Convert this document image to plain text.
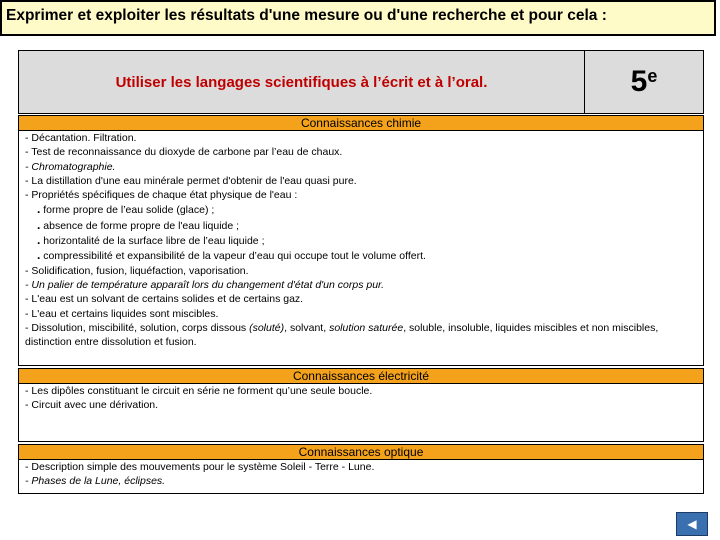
Exprimer et exploiter les résultats d'une mesure ou d'une recherche et pour cela :
Utiliser les langages scientifiques à l’écrit et à l’oral.	5e
Connaissances chimie
- Décantation. Filtration.
- Test de reconnaissance du dioxyde de carbone par l’eau de chaux.
- Chromatographie.
- La distillation d'une eau minérale permet d'obtenir de l'eau quasi pure.
- Propriétés spécifiques de chaque état physique de l'eau :
. forme propre de l’eau solide (glace) ;
. absence de forme propre de l'eau liquide ;
. horizontalité de la surface libre de l’eau liquide ;
. compressibilité et expansibilité de la vapeur d’eau qui occupe tout le volume offert.
- Solidification, fusion, liquéfaction, vaporisation.
- Un palier de température apparaît lors du changement d'état d'un corps pur.
- L'eau est un solvant de certains solides et de certains gaz.
- L'eau et certains liquides sont miscibles.
- Dissolution, miscibilité, solution, corps dissous (soluté), solvant, solution saturée, soluble, insoluble, liquides miscibles et non miscibles, distinction entre dissolution et fusion.
Connaissances électricité
- Les dipôles constituant le circuit en série ne forment qu’une seule boucle.
- Circuit avec une dérivation.
Connaissances optique
- Description simple des mouvements pour le système Soleil - Terre - Lune.
- Phases de la Lune, éclipses.
◀
